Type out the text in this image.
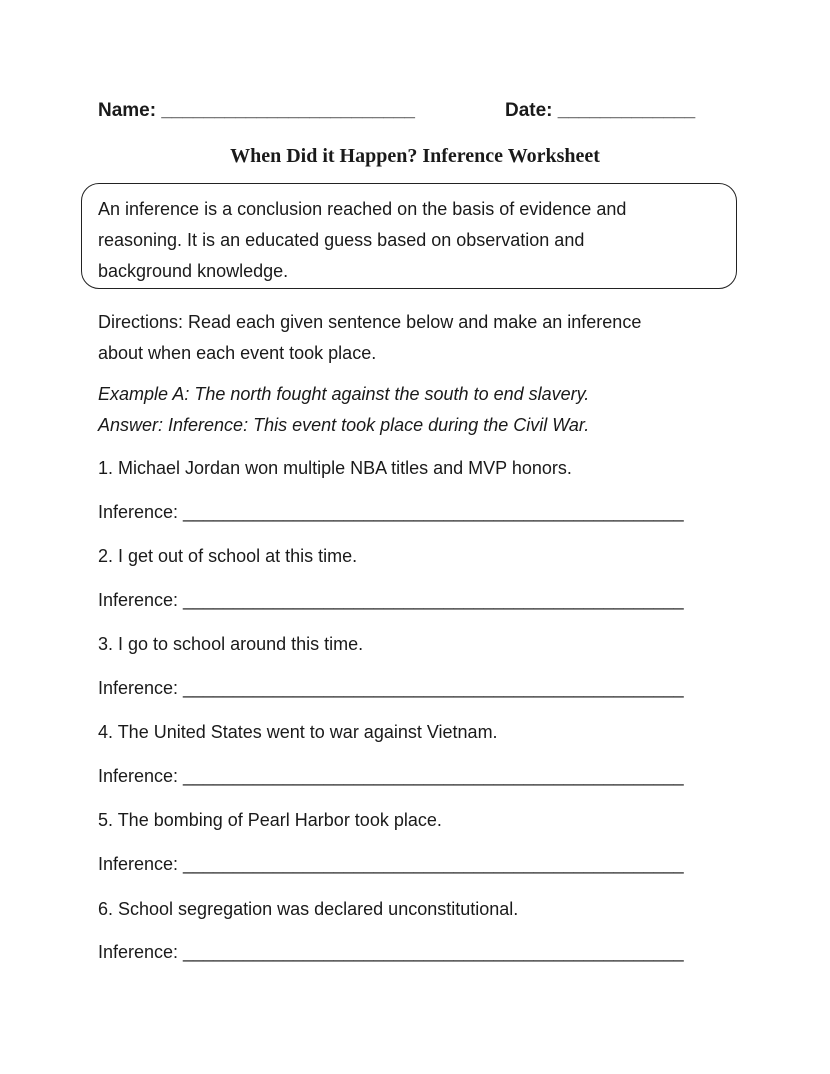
Name: ________________________	Date: _____________
When Did it Happen? Inference Worksheet
An inference is a conclusion reached on the basis of evidence and
reasoning. It is an educated guess based on observation and
background knowledge.
Directions: Read each given sentence below and make an inference
about when each event took place.
Example A: The north fought against the south to end slavery.
Answer: Inference: This event took place during the Civil War.
1. Michael Jordan won multiple NBA titles and MVP honors.
Inference: __________________________________________________
2. I get out of school at this time.
Inference: __________________________________________________
3. I go to school around this time.
Inference: __________________________________________________
4. The United States went to war against Vietnam.
Inference: __________________________________________________
5. The bombing of Pearl Harbor took place.
Inference: __________________________________________________
6. School segregation was declared unconstitutional.
Inference: __________________________________________________
